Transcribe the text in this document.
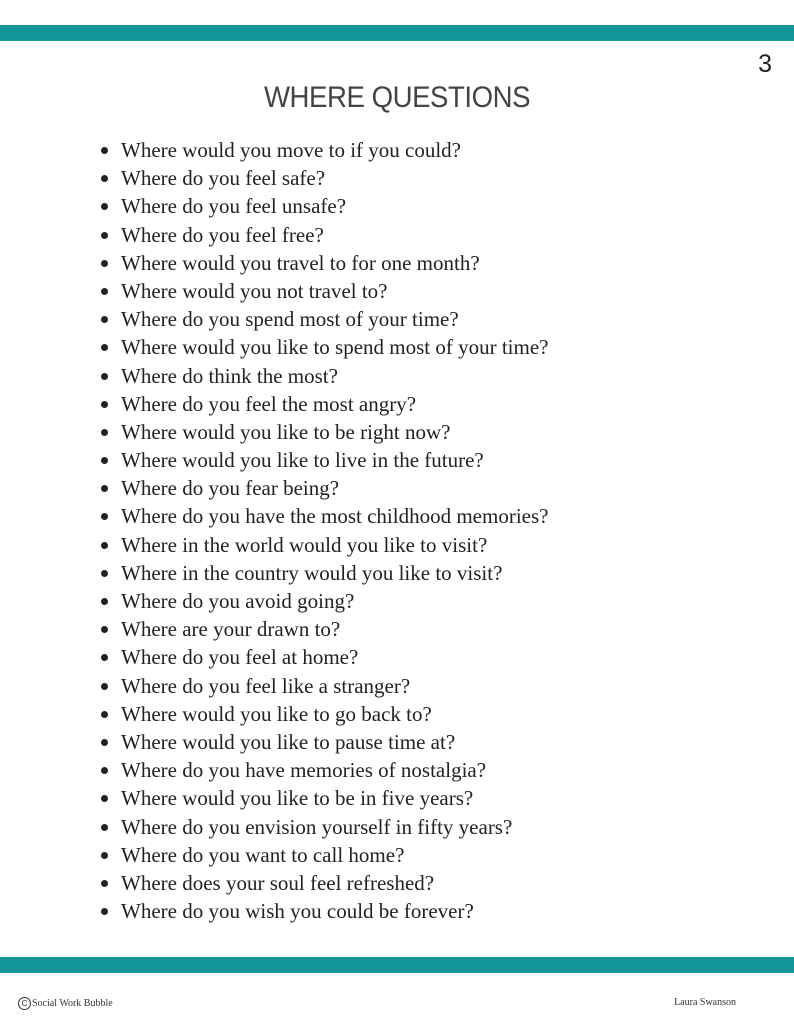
3
WHERE QUESTIONS
Where would you move to if you could?
Where do you feel safe?
Where do you feel unsafe?
Where do you feel free?
Where would you travel to for one month?
Where would you not travel to?
Where do you spend most of your time?
Where would you like to spend most of your time?
Where do think the most?
Where do you feel the most angry?
Where would you like to be right now?
Where would you like to live in the future?
Where do you fear being?
Where do you have the most childhood memories?
Where in the world would you like to visit?
Where in the country would you like to visit?
Where do you avoid going?
Where are your drawn to?
Where do you feel at home?
Where do you feel like a stranger?
Where would you like to go back to?
Where would you like to pause time at?
Where do you have memories of nostalgia?
Where would you like to be in five years?
Where do you envision yourself in fifty years?
Where do you want to call home?
Where does your soul feel refreshed?
Where do you wish you could be forever?
C Social Work Bubble	Laura Swanson
